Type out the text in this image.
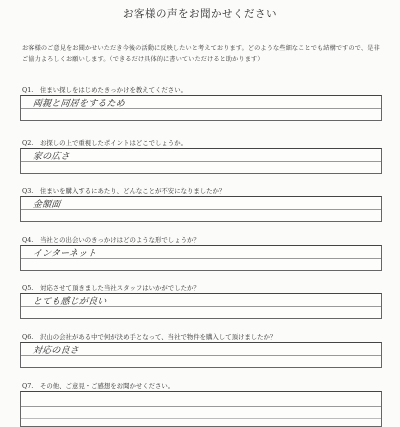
お客様の声をお聞かせください
お客様のご意見をお聞かせいただき今後の活動に反映したいと考えております。どのような些細なことでも結構ですので、是非ご協力よろしくお願いします。（できるだけ具体的に書いていただけると助かります）
Q1. 住まい探しをはじめたきっかけを教えてください。
両親と同居をするため
Q2. お探しの上で重視したポイントはどこでしょうか。
家の広さ
Q3. 住まいを購入するにあたり、どんなことが不安になりましたか？
金額面
Q4. 当社との出会いのきっかけはどのような形でしょうか？
インターネット
Q5. 対応させて頂きました当社スタッフはいかがでしたか？
とても感じが良い
Q6. 沢山の会社がある中で何が決め手となって、当社で物件を購入して頂けましたか？
対応の良さ
Q7. その他、ご意見・ご感想をお聞かせください。
